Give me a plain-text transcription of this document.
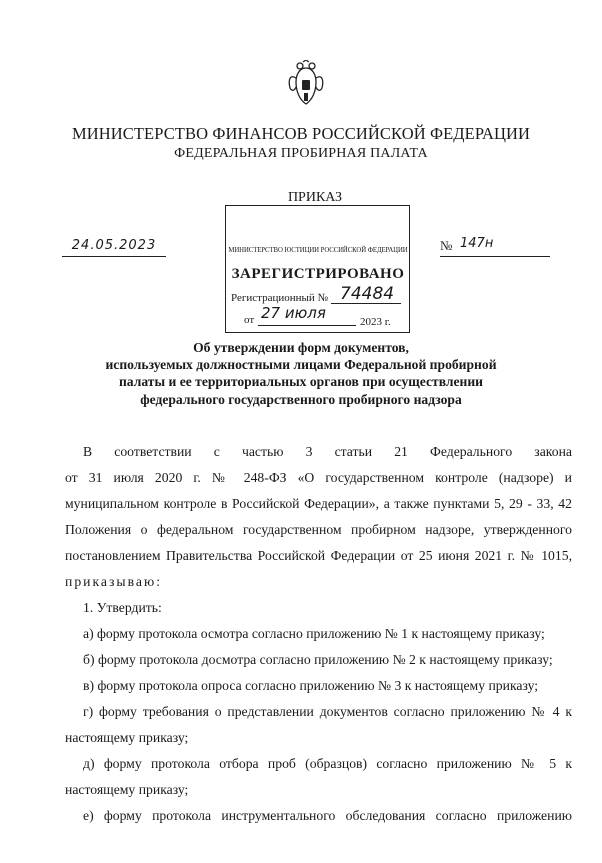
МИНИСТЕРСТВО ФИНАНСОВ РОССИЙСКОЙ ФЕДЕРАЦИИ
ФЕДЕРАЛЬНАЯ ПРОБИРНАЯ ПАЛАТА
ПРИКАЗ
24.05.2023	№ 147н
МИНИСТЕРСТВО ЮСТИЦИИ РОССИЙСКОЙ ФЕДЕРАЦИИ
ЗАРЕГИСТРИРОВАНО
Регистрационный № 74484
от 27 июля	2023 г.
Об утверждении форм документов,
используемых должностными лицами Федеральной пробирной
палаты и ее территориальных органов при осуществлении
федерального государственного пробирного надзора

В соответствии с частью 3 статьи 21 Федерального закона

от 31 июля 2020 г. № 248-ФЗ «О государственном контроле (надзоре) и муниципальном контроле в Российской Федерации», а также пунктами 5, 29 - 33, 42 Положения о федеральном государственном пробирном надзоре, утвержденного постановлением Правительства Российской Федерации от 25 июня 2021 г. № 1015, приказываю:

1. Утвердить:

а) форму протокола осмотра согласно приложению № 1 к настоящему приказу;

б) форму протокола досмотра согласно приложению № 2 к настоящему приказу;

в) форму протокола опроса согласно приложению № 3 к настоящему приказу;

г) форму требования о представлении документов согласно приложению № 4 к настоящему приказу;

д) форму протокола отбора проб (образцов) согласно приложению № 5 к настоящему приказу;

е) форму протокола инструментального обследования согласно приложению
